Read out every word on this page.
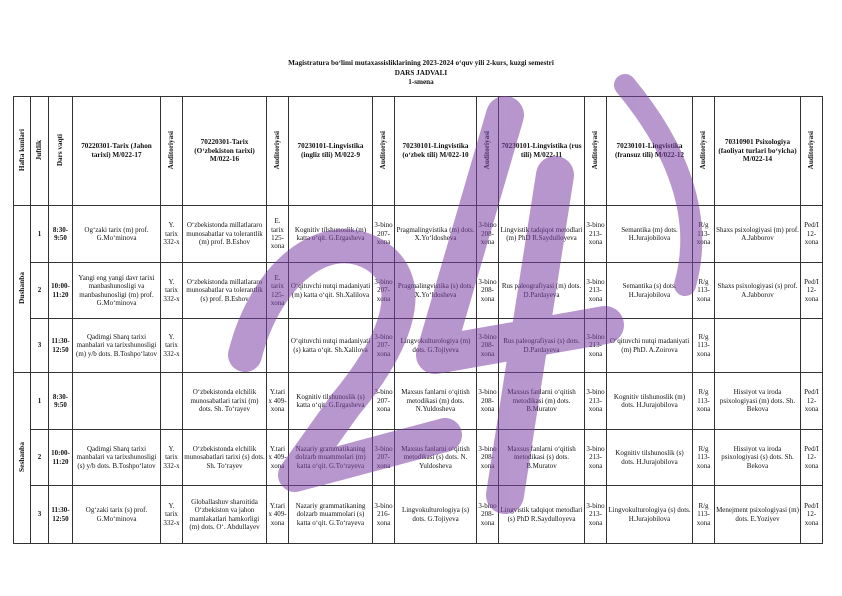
Magistratura bo‘limi mutaxassisliklarining 2023-2024 o‘quv yili 2-kurs, kuzgi semestri
DARS JADVALI
1-smena
Hafta kunlari	Juftlik	Dars vaqti	70220301-Tarix (Jahon tarixi) M/022-17	Auditoriyasi	70220301-Tarix (O‘zbekiston tarixi) M/022-16	Auditoriyasi	70230101-Lingvistika (ingliz tili) M/022-9	Auditoriyasi	70230101-Lingvistika (o‘zbek tili) M/022-10	Auditoriyasi	70230101-Lingvistika (rus tili) M/022-11	Auditoriyasi	70230101-Lingvistika (fransuz tili) M/022-12	Auditoriyasi	70310901 Psixologiya (faoliyat turlari bo‘yicha) M/022-14	Auditoriyasi
Dushanba	1	8:30-9:50	Og‘zaki tarix (m) prof. G.Mo‘minova	Y. tarix 332-x	O‘zbekistonda millatlararo munosabatlar va tolerantlik (m) prof. B.Eshov	E. tarix 125-xona	Kognitiv tilshunoslik (m) katta o‘qit. G.Ergasheva	3-bino 207-xona	Pragmalingvistika (m) dots. X.Yo‘ldosheva	3-bino 208-xona	Lingvistik tadqiqot metodlari (m) PhD R.Saydulloyeva	3-bino 213-xona	Semantika (m) dots. H.Jurajobilova	R/g 113-xona	Shaxs psixologiyasi (m) prof. A.Jabborov	Ped/I 12-xona
	2	10:00-11:20	Yangi eng yangi davr tarixi manbashunosligi va manbashunosligi (m) prof. G.Mo‘minova	Y. tarix 332-x	O‘zbekistonda millatlararo munosabatlar va tolerantlik (s) prof. B.Eshov	E. tarix 125-xona	O‘qituvchi nutqi madaniyati (m) katta o‘qit. Sh.Xalilova	3-bino 207-xona	Pragmalingvistika (s) dots. X.Yo‘ldosheva	3-bino 208-xona	Rus paleografiyasi (m) dots. D.Pardayeva	3-bino 213-xona	Semantika (s) dots. H.Jurajobilova	R/g 113-xona	Shaxs psixologiyasi (s) prof. A.Jabborov	Ped/I 12-xona
	3	11:30-12:50	Qadimgi Sharq tarixi manbalari va tarixshunosligi (m) y/b dots. B.Toshpo‘latov	Y. tarix 332-x			O‘qituvchi nutqi madaniyati (s) katta o‘qit. Sh.Xalilova	3-bino 207-xona	Lingvokulturologiya (m) dots. G.Tojiyeva	3-bino 208-xona	Rus paleografiyasi (s) dots. D.Pardayeva	3-bino 213-xona	O‘qituvchi nutqi madaniyati (m) PhD. A.Zoirova	R/g 113-xona		
Seshanba	1	8:30-9:50			O‘zbekistonda elchilik munosabatlari tarixi (m) dots. Sh. To‘rayev	Y.tari x 409-xona	Kognitiv tilshunoslik (s) katta o‘qit. G.Ergasheva	3-bino 207-xona	Maxsus fanlarni o‘qitish metodikasi (m) dots. N.Yuldosheva	3-bino 208-xona	Maxsus fanlarni o‘qitish metodikasi (m) dots. B.Muratov	3-bino 213-xona	Kognitiv tilshunoslik (m) dots. H.Jurajobilova	R/g 113-xona	Hissiyot va iroda psixologiyasi (m) dots. Sh. Bekova	Ped/I 12-xona
	2	10:00-11:20	Qadimgi Sharq tarixi manbalari va tarixshunosligi (s) y/b dots. B.Toshpo‘latov	Y. tarix 332-x	O‘zbekistonda elchilik munosabatlari tarixi (s) dots. Sh. To‘rayev	Y.tari x 409-xona	Nazariy grammatikaning dolzarb muammolari (m) katta o‘qit. G.To‘rayeva	3-bino 207-xona	Maxsus fanlarni o‘qitish metodikasi (s) dots. N. Yuldosheva	3-bino 208-xona	Maxsus fanlarni o‘qitish metodikasi (s) dots. B.Muratov	3-bino 213-xona	Kognitiv tilshunoslik (s) dots. H.Jurajobilova	R/g 113-xona	Hissiyot va iroda psixologiyasi (s) dots. Sh. Bekova	Ped/I 12-xona
	3	11:30-12:50	Og‘zaki tarix (s) prof. G.Mo‘minova	Y. tarix 332-x	Globallashuv sharoitida O‘zbekiston va jahon mamlakatlari hamkorligi (m) dots. O‘. Abdullayev	Y.tari x 409-xona	Nazariy grammatikaning dolzarb muammolari (s) katta o‘qit. G.To‘rayeva	3-bino 216-xona	Lingvokulturologiya (s) dots. G.Tojiyeva	3-bino 208-xona	Lingvistik tadqiqot metodlari (s) PhD R.Saydulloyeva	3-bino 213-xona	Lingvokulturologiya (s) dots. H.Jurajobilova	R/g 113-xona	Menejment psixologiyasi (m) dots. E.Yoziyev	Ped/I 12-xona
